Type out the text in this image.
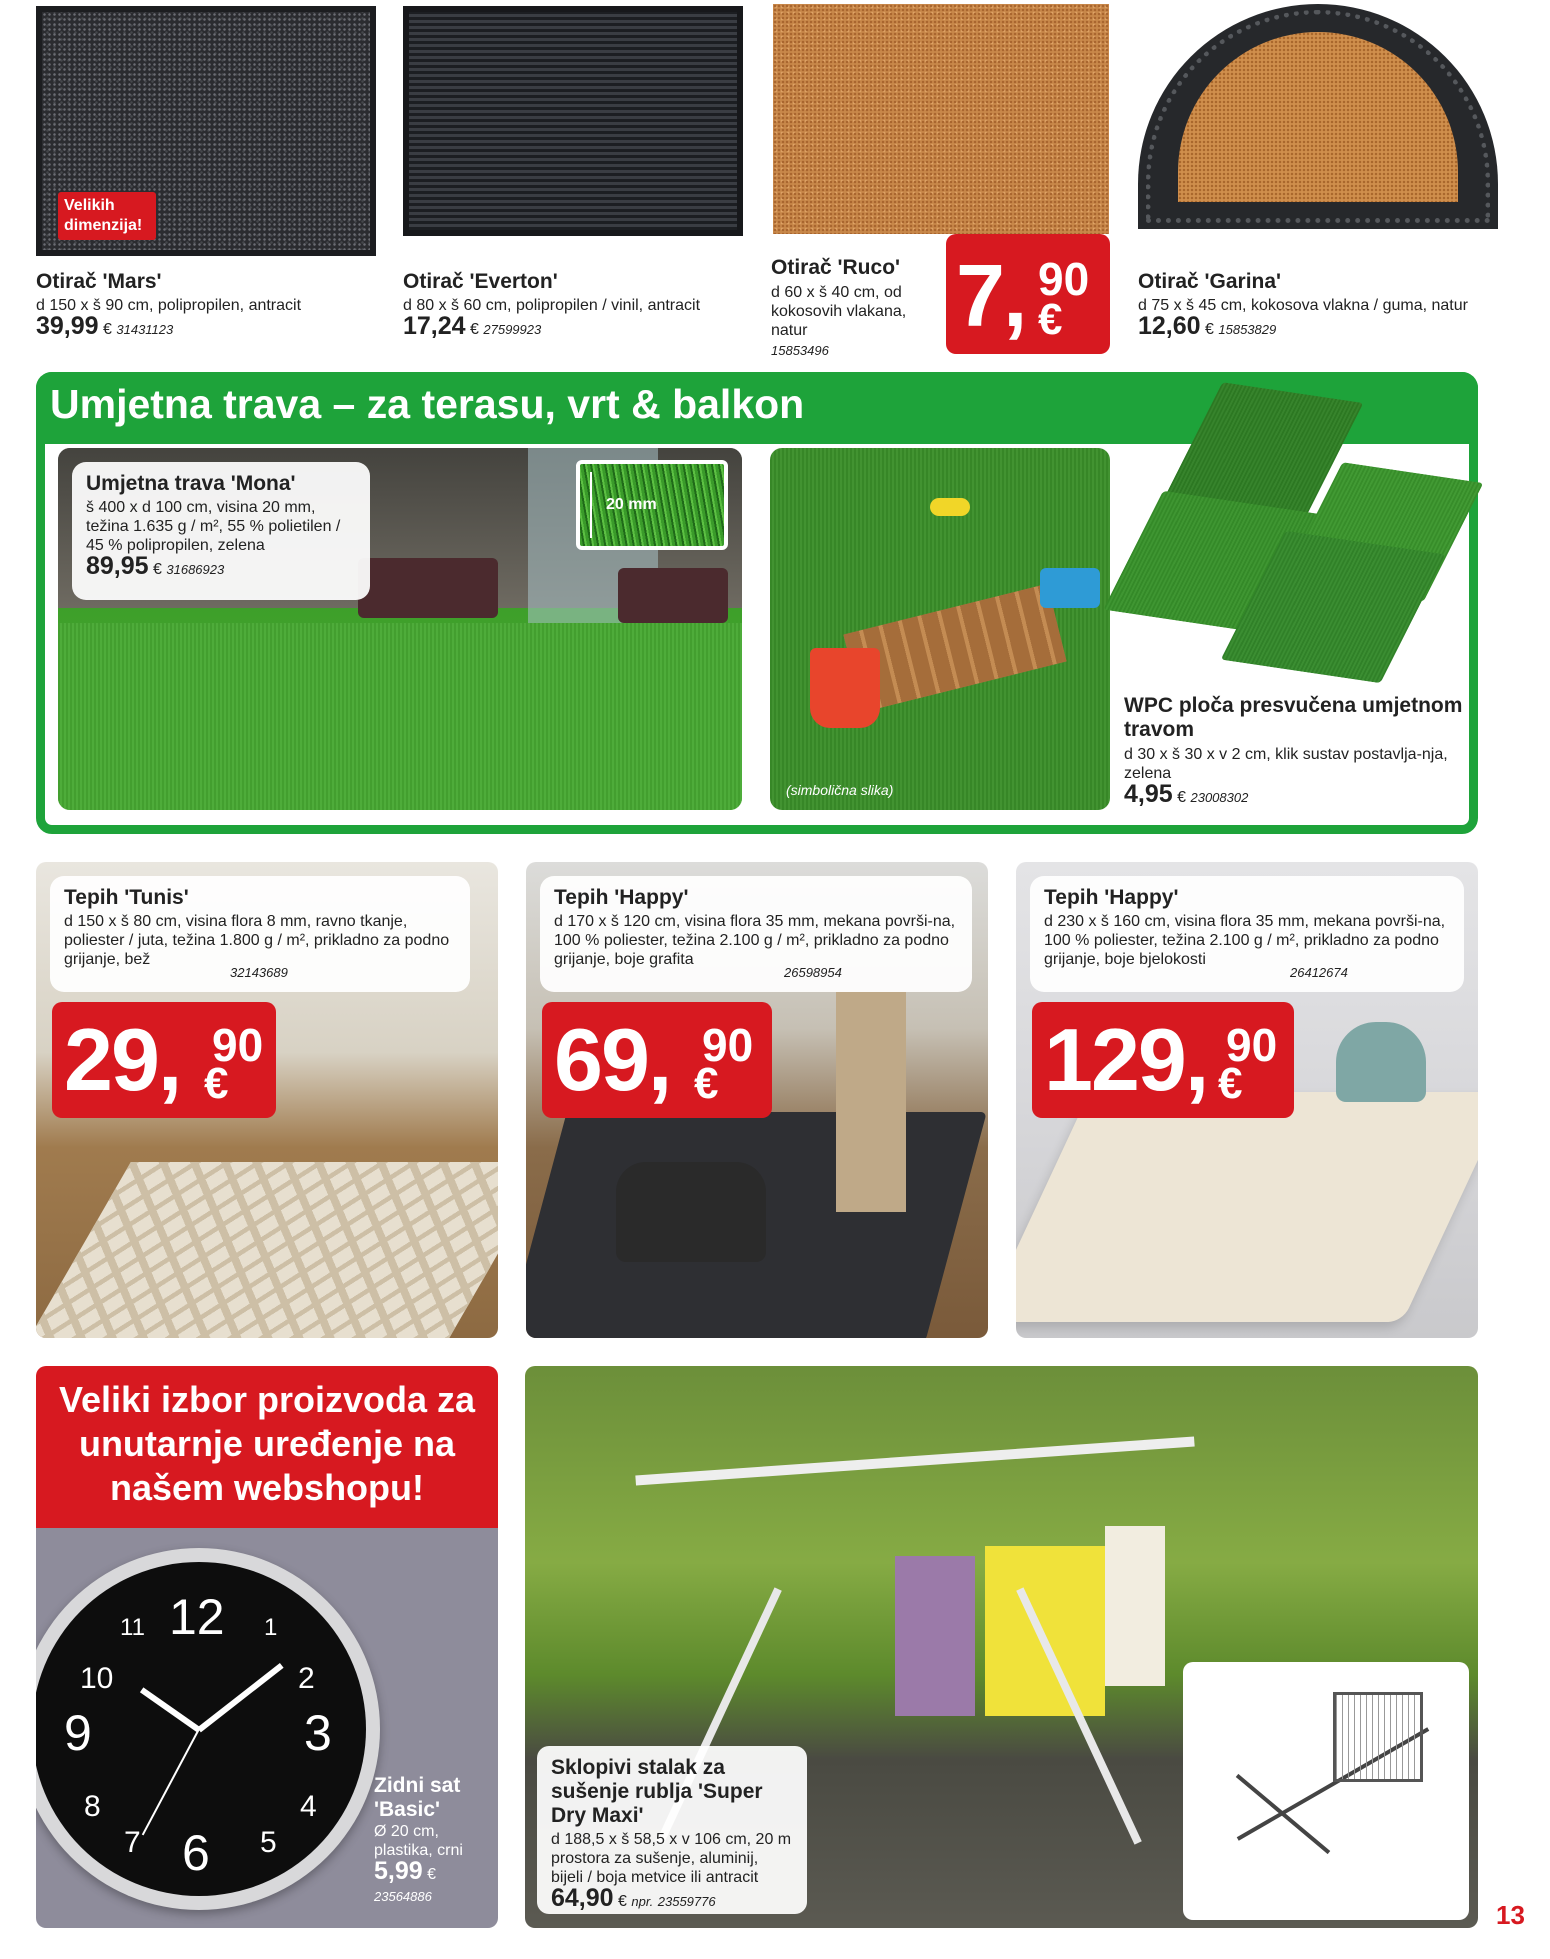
Velikih
dimenzija!
Otirač 'Mars'
d 150 x š 90 cm, polipropilen, antracit
39,99 € 31431123
Otirač 'Everton'
d 80 x š 60 cm, polipropilen / vinil, antracit
17,24 € 27599923
Otirač 'Ruco'
d 60 x š 40 cm, od kokosovih vlakana, natur
15853496
7, 90
€
Otirač 'Garina'
d 75 x š 45 cm, kokosova vlakna / guma, natur
12,60 € 15853829
Umjetna trava – za terasu, vrt & balkon
Umjetna trava 'Mona'
š 400 x d 100 cm, visina 20 mm, težina 1.635 g / m², 55 % polietilen / 45 % polipropilen, zelena
89,95 € 31686923
20 mm
(simbolična slika)
WPC ploča presvučena umjetnom travom
d 30 x š 30 x v 2 cm, klik sustav postavlja-nja, zelena
4,95 € 23008302
Tepih 'Tunis'
d 150 x š 80 cm, visina flora 8 mm, ravno tkanje, poliester / juta, težina 1.800 g / m², prikladno za podno grijanje, bež
32143689
29, 90
€
Tepih 'Happy'
d 170 x š 120 cm, visina flora 35 mm, mekana površi-na, 100 % poliester, težina 2.100 g / m², prikladno za podno grijanje, boje grafita
26598954
69, 90
€
Tepih 'Happy'
d 230 x š 160 cm, visina flora 35 mm, mekana površi-na, 100 % poliester, težina 2.100 g / m², prikladno za podno grijanje, boje bjelokosti
26412674
129, 90
€
Veliki izbor proizvoda za unutarnje uređenje na našem webshopu!
12 1
2
3
4
5
6
7
8
9
10
11
Zidni sat 'Basic'
Ø 20 cm, plastika, crni
5,99 €
23564886
Sklopivi stalak za sušenje rublja 'Super Dry Maxi'
d 188,5 x š 58,5 x v 106 cm, 20 m prostora za sušenje, aluminij, bijeli / boja metvice ili antracit
64,90 € npr. 23559776	13
